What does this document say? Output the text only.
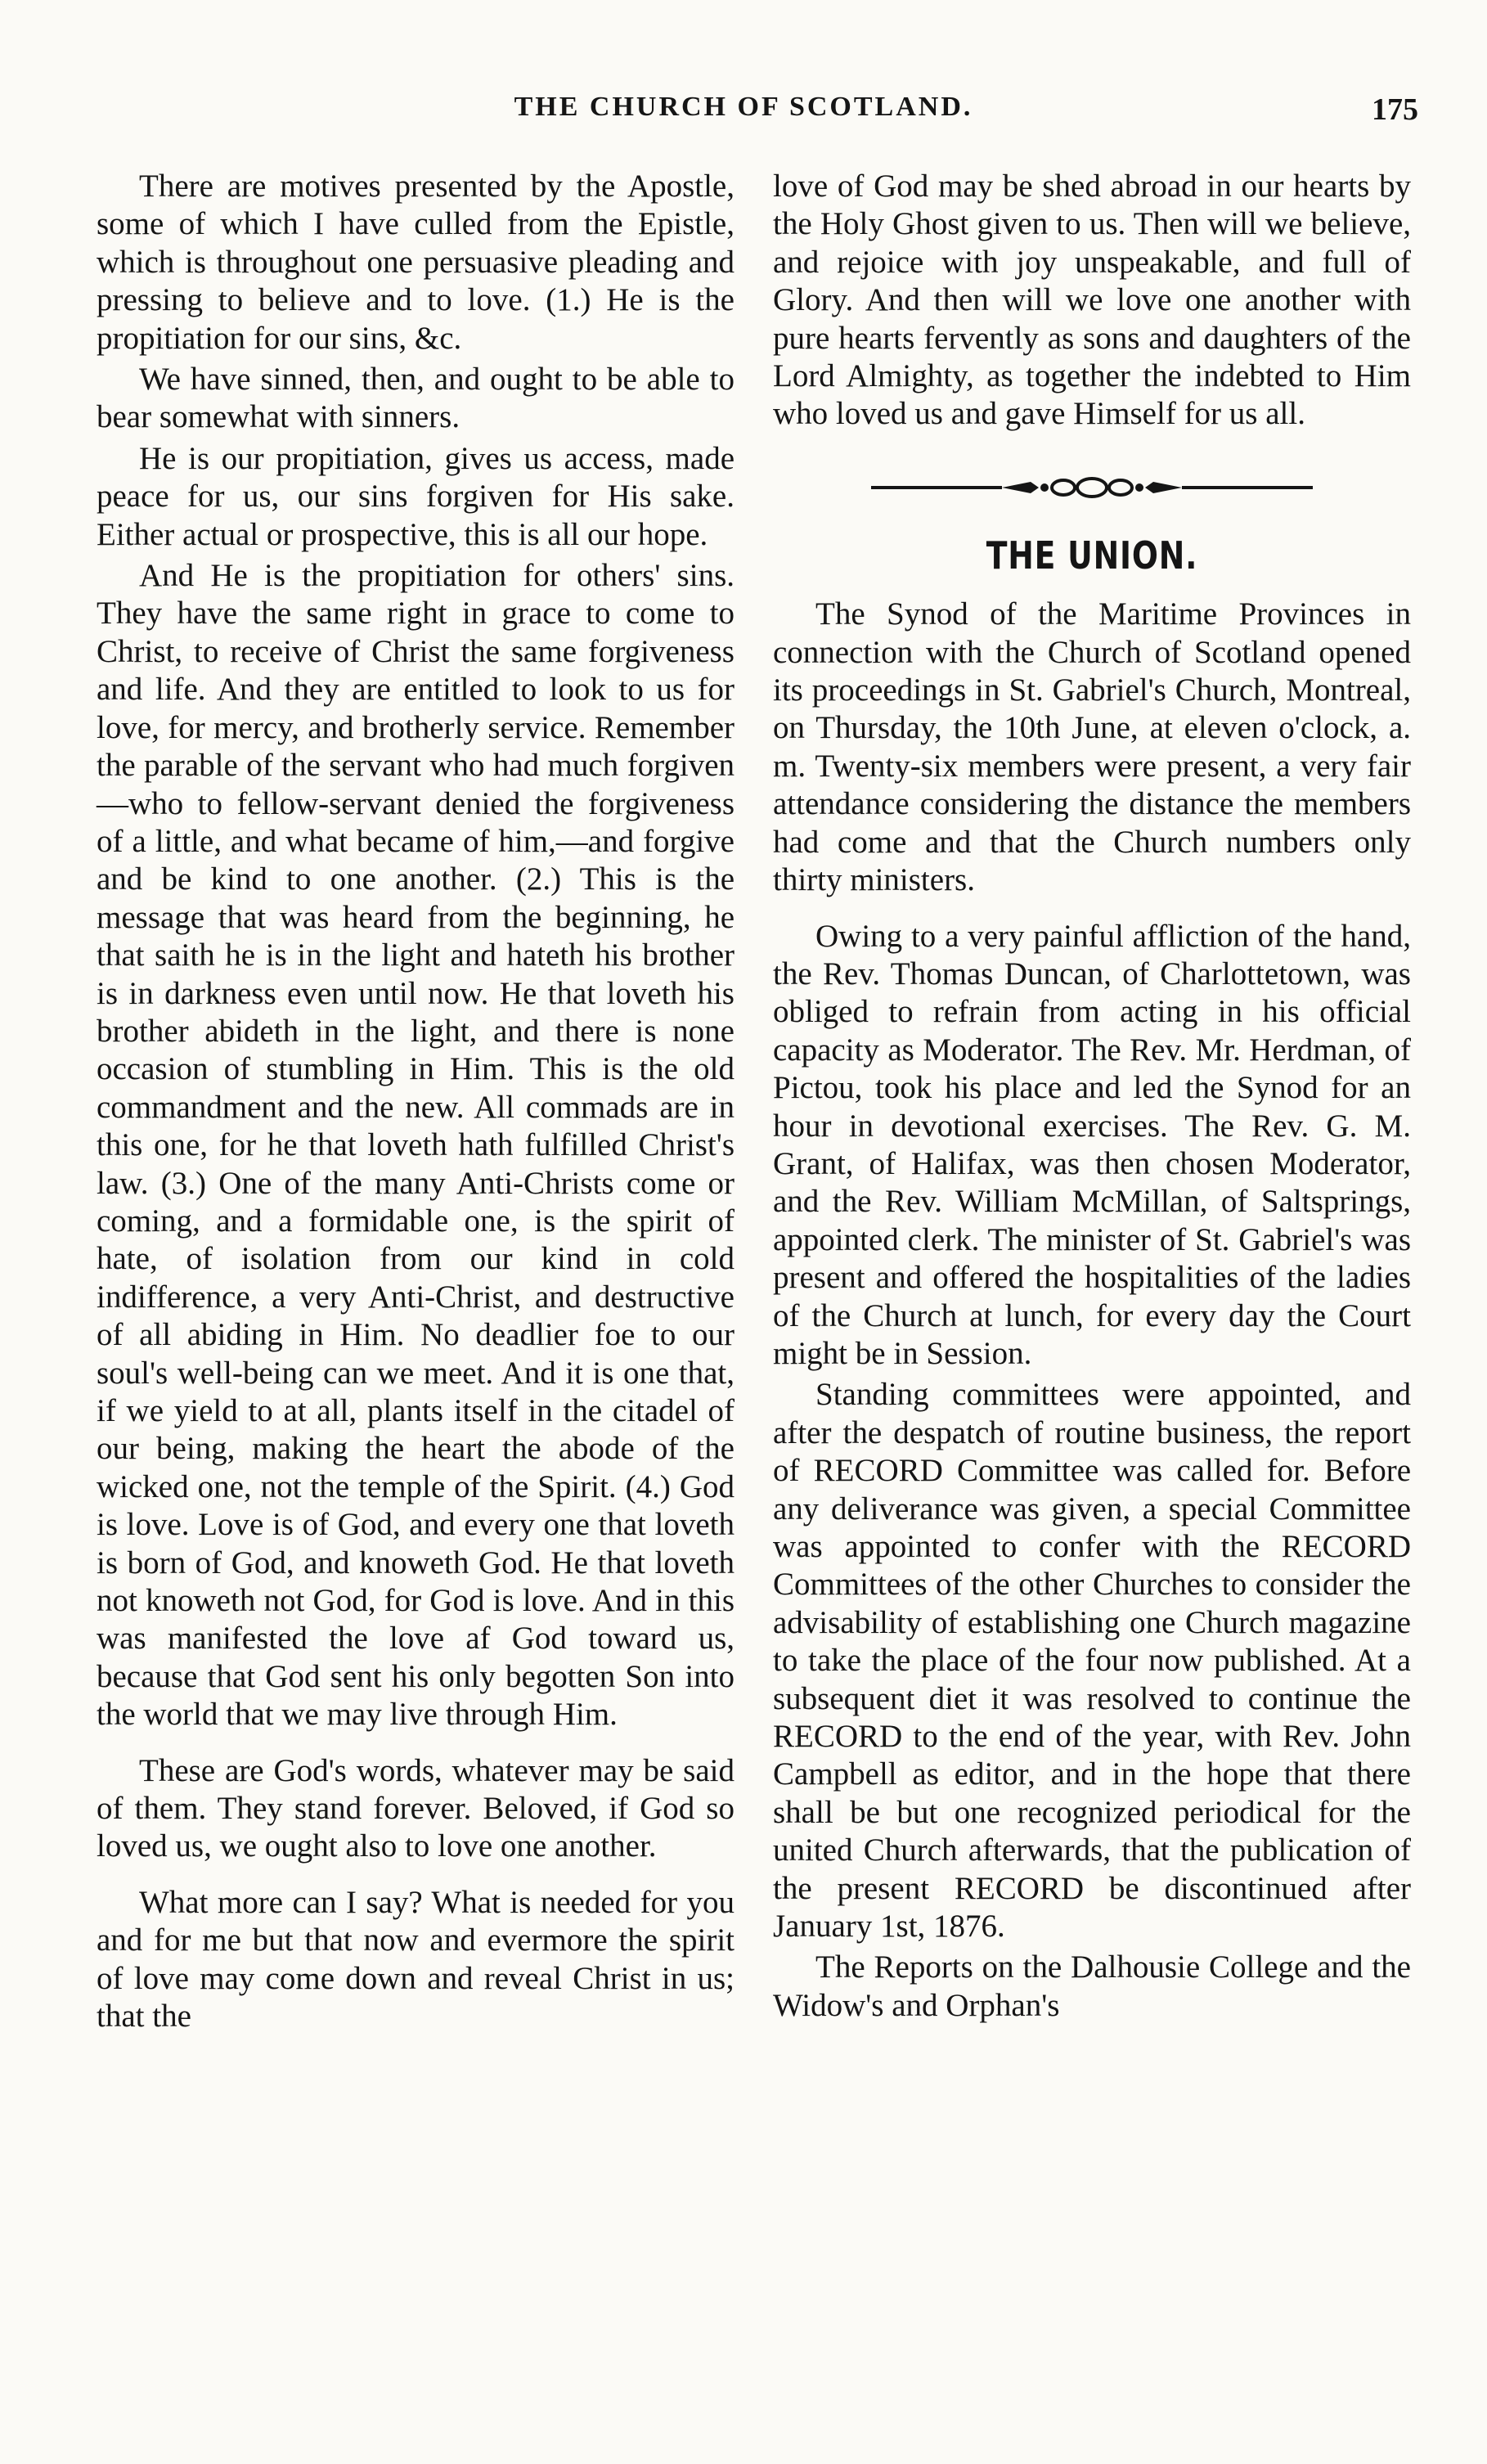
THE CHURCH OF SCOTLAND.	175

There are motives presented by the Apostle, some of which I have culled from the Epistle, which is throughout one persuasive pleading and pressing to believe and to love. (1.) He is the propitiation for our sins, &c.

We have sinned, then, and ought to be able to bear somewhat with sinners.

He is our propitiation, gives us access, made peace for us, our sins forgiven for His sake. Either actual or prospective, this is all our hope.

And He is the propitiation for others' sins. They have the same right in grace to come to Christ, to receive of Christ the same forgiveness and life. And they are entitled to look to us for love, for mercy, and brotherly service. Remember the parable of the servant who had much forgiven—who to fellow-servant denied the forgiveness of a little, and what became of him,—and forgive and be kind to one another. (2.) This is the message that was heard from the beginning, he that saith he is in the light and hateth his brother is in darkness even until now. He that loveth his brother abideth in the light, and there is none occasion of stumbling in Him. This is the old commandment and the new. All commads are in this one, for he that loveth hath fulfilled Christ's law. (3.) One of the many Anti-Christs come or coming, and a formidable one, is the spirit of hate, of isolation from our kind in cold indifference, a very Anti-Christ, and destructive of all abiding in Him. No deadlier foe to our soul's well-being can we meet. And it is one that, if we yield to at all, plants itself in the citadel of our being, making the heart the abode of the wicked one, not the temple of the Spirit. (4.) God is love. Love is of God, and every one that loveth is born of God, and knoweth God. He that loveth not knoweth not God, for God is love. And in this was manifested the love af God toward us, because that God sent his only begotten Son into the world that we may live through Him.

These are God's words, whatever may be said of them. They stand forever. Beloved, if God so loved us, we ought also to love one another.

What more can I say? What is needed for you and for me but that now and evermore the spirit of love may come down and reveal Christ in us; that the

love of God may be shed abroad in our hearts by the Holy Ghost given to us. Then will we believe, and rejoice with joy unspeakable, and full of Glory. And then will we love one another with pure hearts fervently as sons and daughters of the Lord Almighty, as together the indebted to Him who loved us and gave Himself for us all.

THE UNION.

The Synod of the Maritime Provinces in connection with the Church of Scotland opened its proceedings in St. Gabriel's Church, Montreal, on Thursday, the 10th June, at eleven o'clock, a. m. Twenty-six members were present, a very fair attendance considering the distance the members had come and that the Church numbers only thirty ministers.

Owing to a very painful affliction of the hand, the Rev. Thomas Duncan, of Charlottetown, was obliged to refrain from acting in his official capacity as Moderator. The Rev. Mr. Herdman, of Pictou, took his place and led the Synod for an hour in devotional exercises. The Rev. G. M. Grant, of Halifax, was then chosen Moderator, and the Rev. William McMillan, of Saltsprings, appointed clerk. The minister of St. Gabriel's was present and offered the hospitalities of the ladies of the Church at lunch, for every day the Court might be in Session.

Standing committees were appointed, and after the despatch of routine business, the report of RECORD Committee was called for. Before any deliverance was given, a special Committee was appointed to confer with the RECORD Committees of the other Churches to consider the advisability of establishing one Church magazine to take the place of the four now published. At a subsequent diet it was resolved to continue the RECORD to the end of the year, with Rev. John Campbell as editor, and in the hope that there shall be but one recognized periodical for the united Church afterwards, that the publication of the present RECORD be discontinued after January 1st, 1876.

The Reports on the Dalhousie College and the Widow's and Orphan's
